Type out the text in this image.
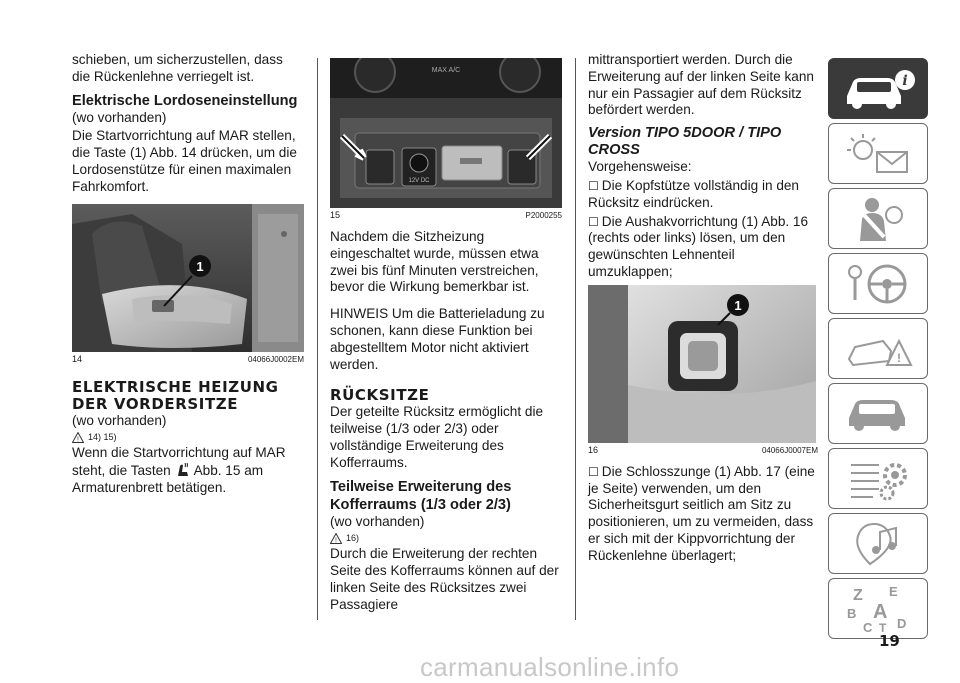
schieben, um sicherzustellen, dass die Rückenlehne verriegelt ist.

Elektrische Lordoseneinstellung

(wo vorhanden)

Die Startvorrichtung auf MAR stellen, die Taste (1) Abb. 14 drücken, um die Lordosenstütze für einen maximalen Fahrkomfort.

1
14	04066J0002EM
ELEKTRISCHE HEIZUNG DER VORDERSITZE

(wo vorhanden)

! 14) 15)

Wenn die Startvorrichtung auf MAR steht, die Tasten Abb. 15 am Armaturenbrett betätigen.

MAX A/C
12V DC
15	P2000255

Nachdem die Sitzheizung eingeschaltet wurde, müssen etwa zwei bis fünf Minuten verstreichen, bevor die Wirkung bemerkbar ist.

HINWEIS Um die Batterieladung zu schonen, kann diese Funktion bei abgestelltem Motor nicht aktiviert werden.

RÜCKSITZE

Der geteilte Rücksitz ermöglicht die teilweise (1/3 oder 2/3) oder vollständige Erweiterung des Kofferraums.

Teilweise Erweiterung des Kofferraums (1/3 oder 2/3)

(wo vorhanden)

! 16)

Durch die Erweiterung der rechten Seite des Kofferraums können auf der linken Seite des Rücksitzes zwei Passagiere

mittransportiert werden. Durch die Erweiterung auf der linken Seite kann nur ein Passagier auf dem Rücksitz befördert werden.

Version TIPO 5DOOR / TIPO CROSS

Vorgehensweise:

☐ Die Kopfstütze vollständig in den Rücksitz eindrücken.

☐ Die Aushakvorrichtung (1) Abb. 16 (rechts oder links) lösen, um den gewünschten Lehnenteil umzuklappen;

1
16	04066J0007EM

☐ Die Schlosszunge (1) Abb. 17 (eine je Seite) verwenden, um den Sicherheitsgurt seitlich am Sitz zu positionieren, um zu vermeiden, dass er sich mit der Kippvorrichtung der Rückenlehne überlagert;

i
!
Z E
B A
C D
T
19
carmanualsonline.info
